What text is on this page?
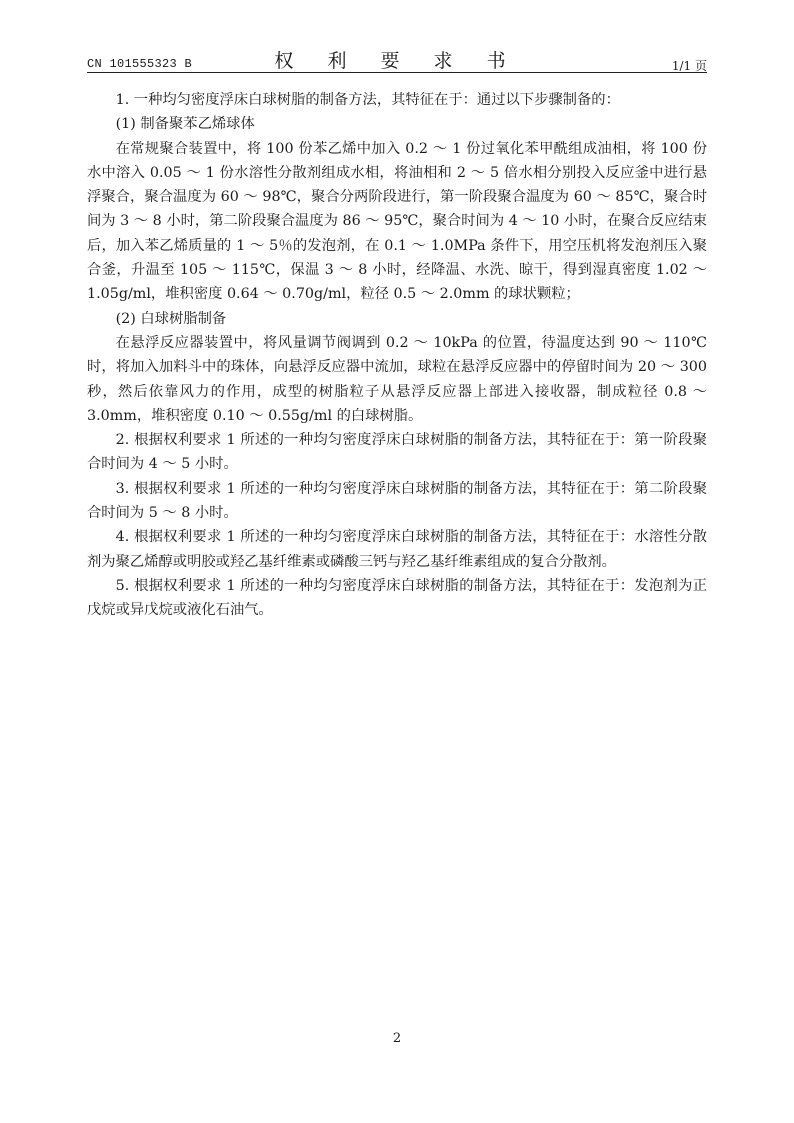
CN 101555323 B	权 利 要 求 书	1/1 页

1. 一种均匀密度浮床白球树脂的制备方法，其特征在于：通过以下步骤制备的：

(1) 制备聚苯乙烯球体

在常规聚合装置中，将 100 份苯乙烯中加入 0.2 ～ 1 份过氧化苯甲酰组成油相，将 100 份水中溶入 0.05 ～ 1 份水溶性分散剂组成水相，将油相和 2 ～ 5 倍水相分别投入反应釜中进行悬浮聚合，聚合温度为 60 ～ 98℃，聚合分两阶段进行，第一阶段聚合温度为 60 ～ 85℃，聚合时间为 3 ～ 8 小时，第二阶段聚合温度为 86 ～ 95℃，聚合时间为 4 ～ 10 小时，在聚合反应结束后，加入苯乙烯质量的 1 ～ 5％的发泡剂，在 0.1 ～ 1.0MPa 条件下，用空压机将发泡剂压入聚合釜，升温至 105 ～ 115℃，保温 3 ～ 8 小时，经降温、水洗、晾干，得到湿真密度 1.02 ～ 1.05g/ml，堆积密度 0.64 ～ 0.70g/ml，粒径 0.5 ～ 2.0mm 的球状颗粒；

(2) 白球树脂制备

在悬浮反应器装置中，将风量调节阀调到 0.2 ～ 10kPa 的位置，待温度达到 90 ～ 110℃时，将加入加料斗中的珠体，向悬浮反应器中流加，球粒在悬浮反应器中的停留时间为 20 ～ 300 秒，然后依靠风力的作用，成型的树脂粒子从悬浮反应器上部进入接收器，制成粒径 0.8 ～ 3.0mm，堆积密度 0.10 ～ 0.55g/ml 的白球树脂。

2. 根据权利要求 1 所述的一种均匀密度浮床白球树脂的制备方法，其特征在于：第一阶段聚合时间为 4 ～ 5 小时。

3. 根据权利要求 1 所述的一种均匀密度浮床白球树脂的制备方法，其特征在于：第二阶段聚合时间为 5 ～ 8 小时。

4. 根据权利要求 1 所述的一种均匀密度浮床白球树脂的制备方法，其特征在于：水溶性分散剂为聚乙烯醇或明胶或羟乙基纤维素或磷酸三钙与羟乙基纤维素组成的复合分散剂。

5. 根据权利要求 1 所述的一种均匀密度浮床白球树脂的制备方法，其特征在于：发泡剂为正戊烷或异戊烷或液化石油气。

2
